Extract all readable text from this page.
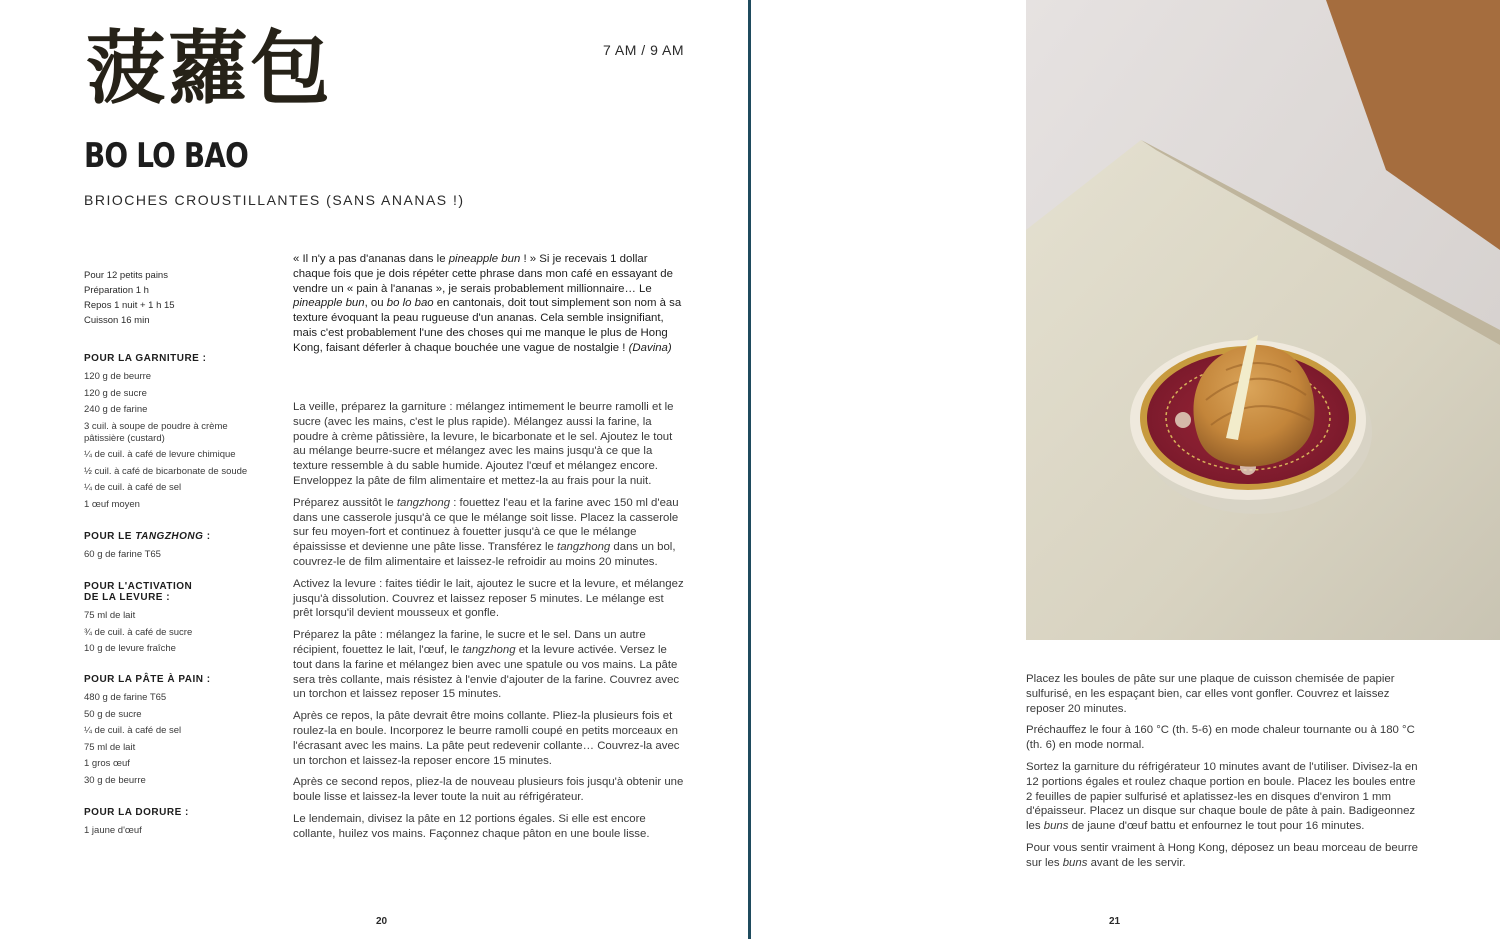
菠蘿包	7 AM / 9 AM
BO LO BAO
BRIOCHES CROUSTILLANTES (SANS ANANAS !)
Pour 12 petits pains
Préparation 1 h
Repos 1 nuit + 1 h 15
Cuisson 16 min
POUR LA GARNITURE :
120 g de beurre
120 g de sucre
240 g de farine
3 cuil. à soupe de poudre à crème pâtissière (custard)
¼ de cuil. à café de levure chimique
½ cuil. à café de bicarbonate de soude
¼ de cuil. à café de sel
1 œuf moyen
POUR LE TANGZHONG :
60 g de farine T65
POUR L'ACTIVATION
DE LA LEVURE :
75 ml de lait
¾ de cuil. à café de sucre
10 g de levure fraîche
POUR LA PÂTE À PAIN :
480 g de farine T65
50 g de sucre
¼ de cuil. à café de sel
75 ml de lait
1 gros œuf
30 g de beurre
POUR LA DORURE :
1 jaune d'œuf
« Il n'y a pas d'ananas dans le pineapple bun ! » Si je recevais 1 dollar chaque fois que je dois répéter cette phrase dans mon café en essayant de vendre un « pain à l'ananas », je serais probablement millionnaire… Le pineapple bun, ou bo lo bao en cantonais, doit tout simplement son nom à sa texture évoquant la peau rugueuse d'un ananas. Cela semble insignifiant, mais c'est probablement l'une des choses qui me manque le plus de Hong Kong, faisant déferler à chaque bouchée une vague de nostalgie ! (Davina)

La veille, préparez la garniture : mélangez intimement le beurre ramolli et le sucre (avec les mains, c'est le plus rapide). Mélangez aussi la farine, la poudre à crème pâtissière, la levure, le bicarbonate et le sel. Ajoutez le tout au mélange beurre-sucre et mélangez avec les mains jusqu'à ce que la texture ressemble à du sable humide. Ajoutez l'œuf et mélangez encore. Enveloppez la pâte de film alimentaire et mettez-la au frais pour la nuit.

Préparez aussitôt le tangzhong : fouettez l'eau et la farine avec 150 ml d'eau dans une casserole jusqu'à ce que le mélange soit lisse. Placez la casserole sur feu moyen-fort et continuez à fouetter jusqu'à ce que le mélange épaississe et devienne une pâte lisse. Transférez le tangzhong dans un bol, couvrez-le de film alimentaire et laissez-le refroidir au moins 20 minutes.

Activez la levure : faites tiédir le lait, ajoutez le sucre et la levure, et mélangez jusqu'à dissolution. Couvrez et laissez reposer 5 minutes. Le mélange est prêt lorsqu'il devient mousseux et gonfle.

Préparez la pâte : mélangez la farine, le sucre et le sel. Dans un autre récipient, fouettez le lait, l'œuf, le tangzhong et la levure activée. Versez le tout dans la farine et mélangez bien avec une spatule ou vos mains. La pâte sera très collante, mais résistez à l'envie d'ajouter de la farine. Couvrez avec un torchon et laissez reposer 15 minutes.

Après ce repos, la pâte devrait être moins collante. Pliez-la plusieurs fois et roulez-la en boule. Incorporez le beurre ramolli coupé en petits morceaux en l'écrasant avec les mains. La pâte peut redevenir collante… Couvrez-la avec un torchon et laissez-la reposer encore 15 minutes.

Après ce second repos, pliez-la de nouveau plusieurs fois jusqu'à obtenir une boule lisse et laissez-la lever toute la nuit au réfrigérateur.

Le lendemain, divisez la pâte en 12 portions égales. Si elle est encore collante, huilez vos mains. Façonnez chaque pâton en une boule lisse.

20

Placez les boules de pâte sur une plaque de cuisson chemisée de papier sulfurisé, en les espaçant bien, car elles vont gonfler. Couvrez et laissez reposer 20 minutes.

Préchauffez le four à 160 °C (th. 5-6) en mode chaleur tournante ou à 180 °C (th. 6) en mode normal.

Sortez la garniture du réfrigérateur 10 minutes avant de l'utiliser. Divisez-la en 12 portions égales et roulez chaque portion en boule. Placez les boules entre 2 feuilles de papier sulfurisé et aplatissez-les en disques d'environ 1 mm d'épaisseur. Placez un disque sur chaque boule de pâte à pain. Badigeonnez les buns de jaune d'œuf battu et enfournez le tout pour 16 minutes.

Pour vous sentir vraiment à Hong Kong, déposez un beau morceau de beurre sur les buns avant de les servir.

21
